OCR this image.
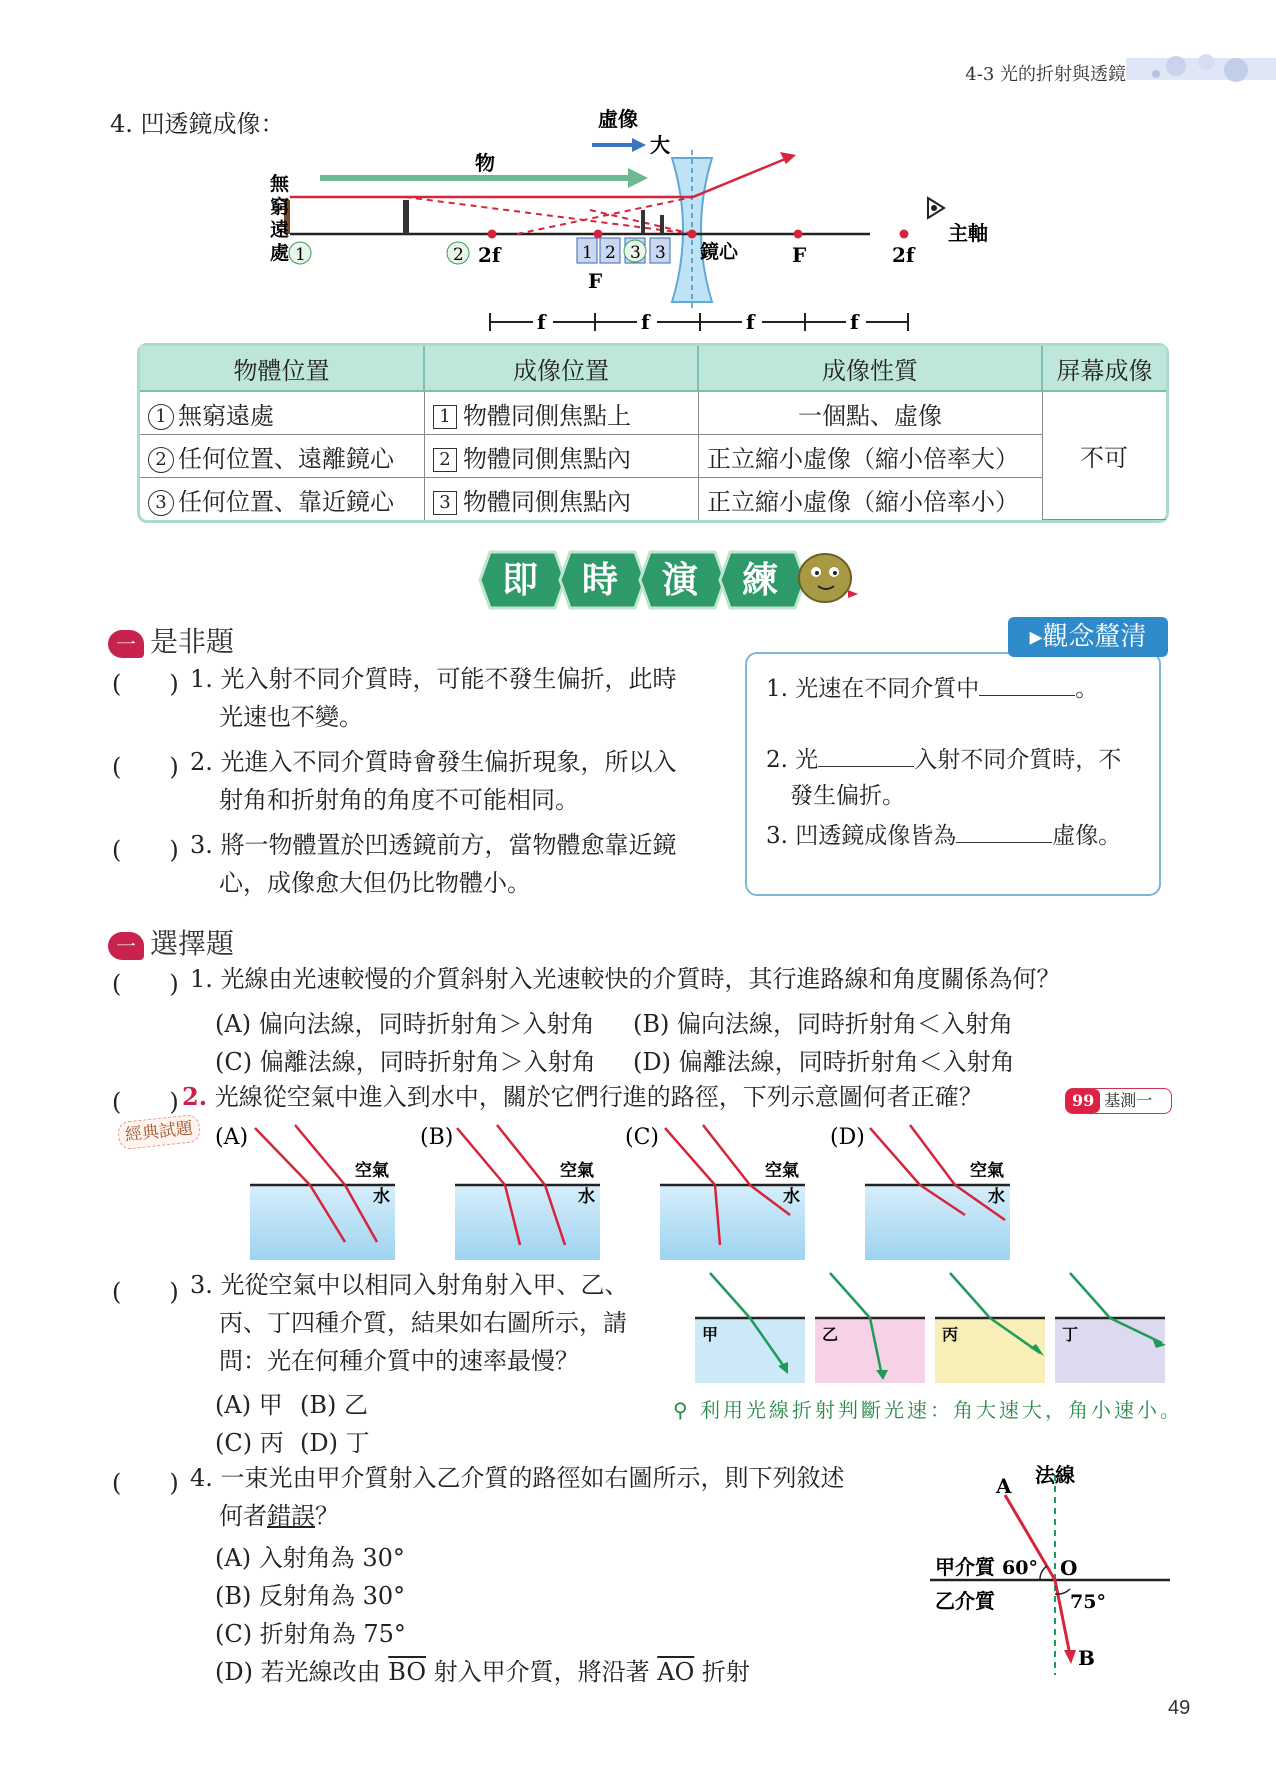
4-3 光的折射與透鏡
4. 凹透鏡成像：	虛像
大
物
無
窮
遠
處 1	2 2f	1 2 3 3
F
鏡心	F	2f
主軸
f	f	f	f
物體位置	成像位置	成像性質	屏幕成像
1 無窮遠處	1 物體同側焦點上	一個點、虛像	不可
2 任何位置、遠離鏡心	2 物體同側焦點內	正立縮小虛像（縮小倍率大）	
3 任何位置、靠近鏡心	3 物體同側焦點內	正立縮小虛像（縮小倍率小）	
即 時 演 練
一是非題
(　　) 1. 光入射不同介質時，可能不發生偏折，此時
光速也不變。
(　　) 2. 光進入不同介質時會發生偏折現象，所以入
射角和折射角的角度不可能相同。
(　　) 3. 將一物體置於凹透鏡前方，當物體愈靠近鏡
心，成像愈大但仍比物體小。
▸觀念釐清
1. 光速在不同介質中	。
2. 光	入射不同介質時，不
發生偏折。
3. 凹透鏡成像皆為	虛像。
一選擇題
(　　) 1. 光線由光速較慢的介質斜射入光速較快的介質時，其行進路線和角度關係為何？
(A) 偏向法線，同時折射角＞入射角 (B) 偏向法線，同時折射角＜入射角
(C) 偏離法線，同時折射角＞入射角 (D) 偏離法線，同時折射角＜入射角
(　　) 2. 光線從空氣中進入到水中，關於它們行進的路徑，下列示意圖何者正確？	99 基測一
經典試題 (A)	(B)	(C)	(D)
空氣
水
空氣
水
空氣
水
空氣
水
(　　) 3. 光從空氣中以相同入射角射入甲、乙、
丙、丁四種介質，結果如右圖所示，請
問：光在何種介質中的速率最慢？
(A) 甲 (B) 乙
(C) 丙 (D) 丁
甲	乙	丙	丁
⚲ 利用光線折射判斷光速：角大速大，角小速小。
(　　) 4. 一束光由甲介質射入乙介質的路徑如右圖所示，則下列敘述
何者錯誤？
(A) 入射角為 30°
(B) 反射角為 30°
(C) 折射角為 75°
(D) 若光線改由 $\overline{BO}$ 射入甲介質，將沿著 $\overline{AO}$ 折射
A 法線
甲介質 60° O
乙介質	75°
B
49
